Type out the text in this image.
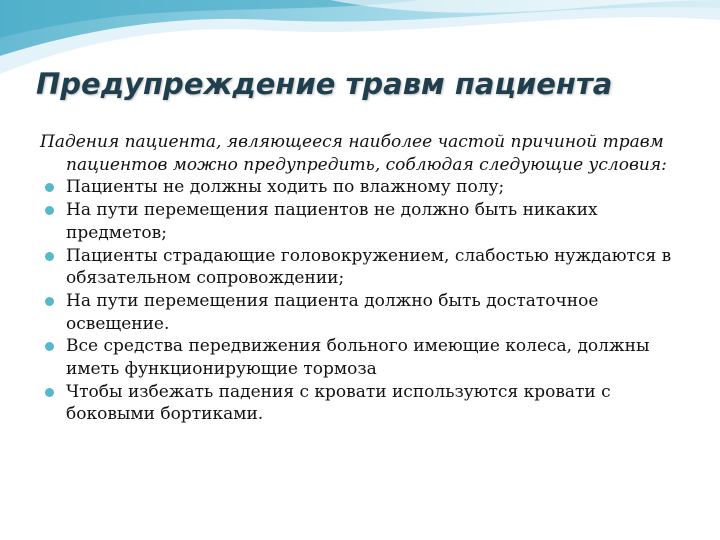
Предупреждение травм пациента

Падения пациента, являющееся наиболее частой причиной травм пациентов можно предупредить, соблюдая следующие условия:

Пациенты не должны ходить по влажному полу;
На пути перемещения пациентов не должно быть никаких предметов;
Пациенты страдающие головокружением, слабостью нуждаются в обязательном сопровождении;
На пути перемещения пациента должно быть достаточное освещение.
Все средства передвижения больного имеющие колеса, должны иметь функционирующие тормоза
Чтобы избежать падения с кровати используются кровати с боковыми бортиками.
